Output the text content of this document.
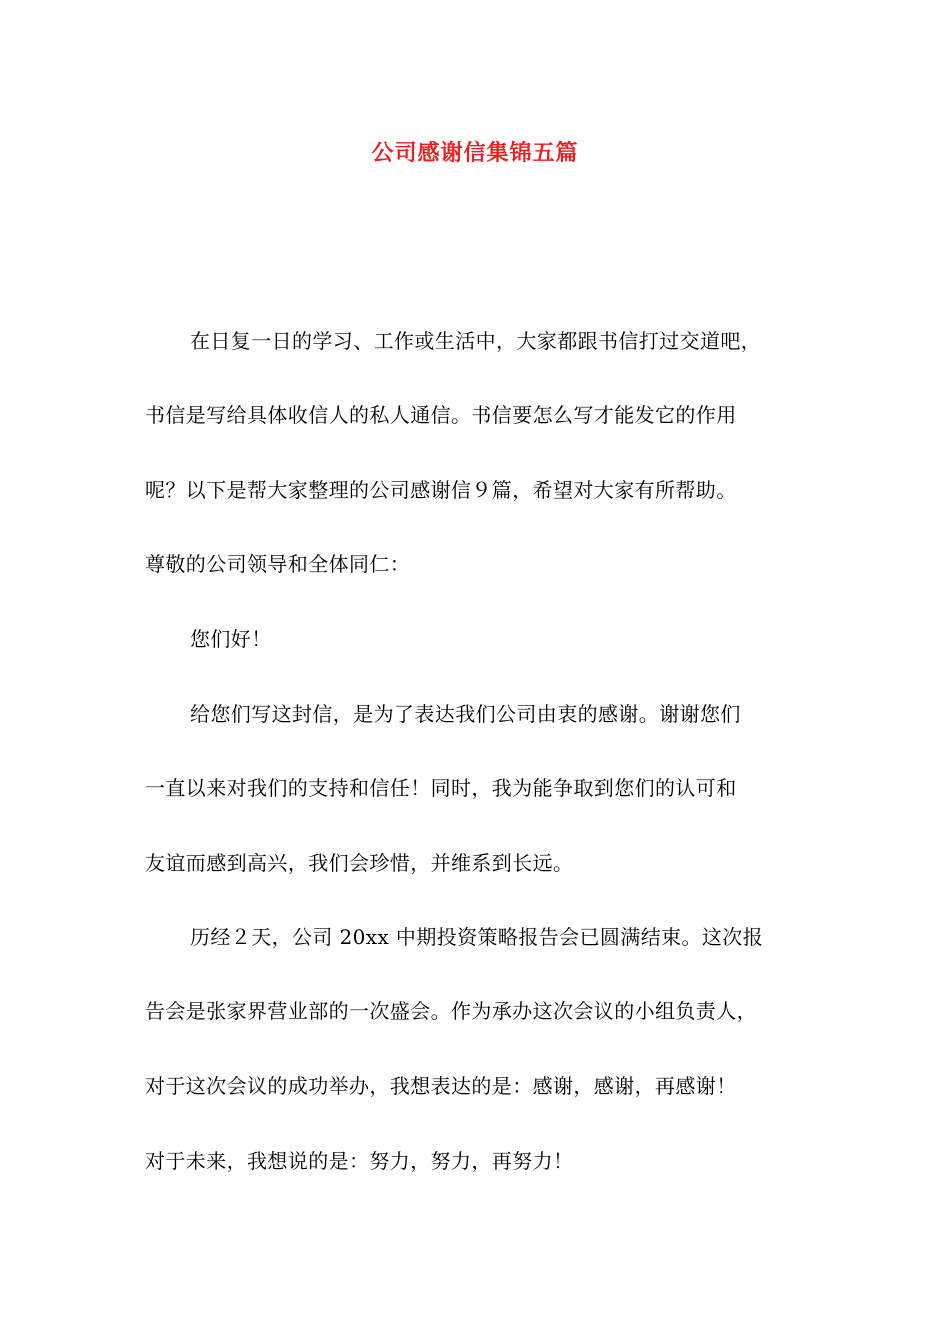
公司感谢信集锦五篇
在日复一日的学习、工作或生活中，大家都跟书信打过交道吧，
书信是写给具体收信人的私人通信。书信要怎么写才能发它的作用
呢？以下是帮大家整理的公司感谢信９篇，希望对大家有所帮助。
尊敬的公司领导和全体同仁：
您们好！
给您们写这封信，是为了表达我们公司由衷的感谢。谢谢您们
一直以来对我们的支持和信任！同时，我为能争取到您们的认可和
友谊而感到高兴，我们会珍惜，并维系到长远。
历经２天，公司 20xx 中期投资策略报告会已圆满结束。这次报
告会是张家界营业部的一次盛会。作为承办这次会议的小组负责人，
对于这次会议的成功举办，我想表达的是：感谢，感谢，再感谢！
对于未来，我想说的是：努力，努力，再努力！
